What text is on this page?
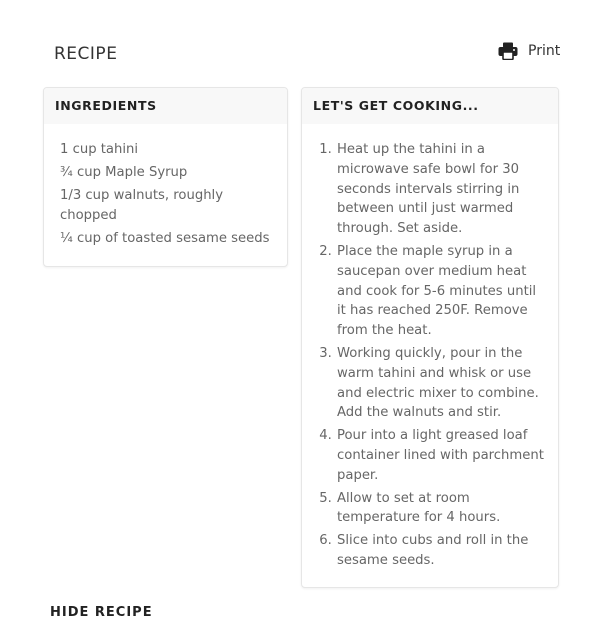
RECIPE	Print
INGREDIENTS
1 cup tahini
¾ cup Maple Syrup
1/3 cup walnuts, roughly chopped
¼ cup of toasted sesame seeds
LET'S GET COOKING...
1. Heat up the tahini in a microwave safe bowl for 30 seconds intervals stirring in between until just warmed through. Set aside.
2. Place the maple syrup in a saucepan over medium heat and cook for 5-6 minutes until it has reached 250F. Remove from the heat.
3. Working quickly, pour in the warm tahini and whisk or use and electric mixer to combine. Add the walnuts and stir.
4. Pour into a light greased loaf container lined with parchment paper.
5. Allow to set at room temperature for 4 hours.
6. Slice into cubs and roll in the sesame seeds.
HIDE RECIPE
